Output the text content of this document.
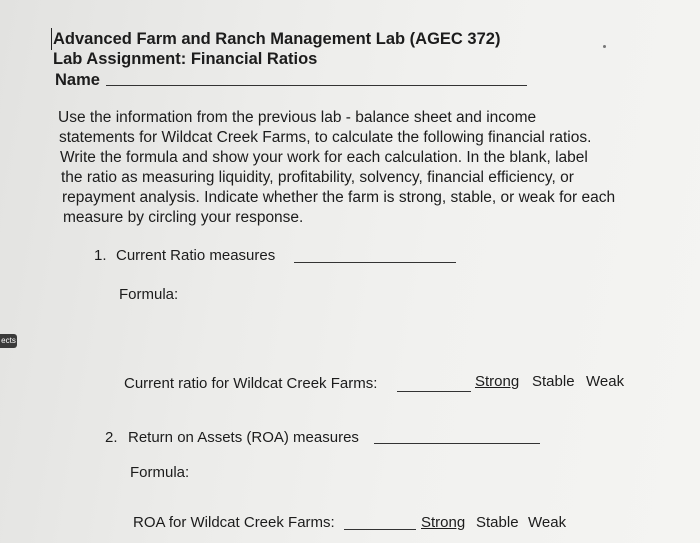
Advanced Farm and Ranch Management Lab (AGEC 372)
Lab Assignment: Financial Ratios
Name
Use the information from the previous lab - balance sheet and income
statements for Wildcat Creek Farms, to calculate the following financial ratios.
Write the formula and show your work for each calculation. In the blank, label
the ratio as measuring liquidity, profitability, solvency, financial efficiency, or
repayment analysis. Indicate whether the farm is strong, stable, or weak for each
measure by circling your response.
1. Current Ratio measures
Formula:
Current ratio for Wildcat Creek Farms:	Strong Stable Weak
2. Return on Assets (ROA) measures
Formula:
ROA for Wildcat Creek Farms:	Strong Stable Weak
ects
